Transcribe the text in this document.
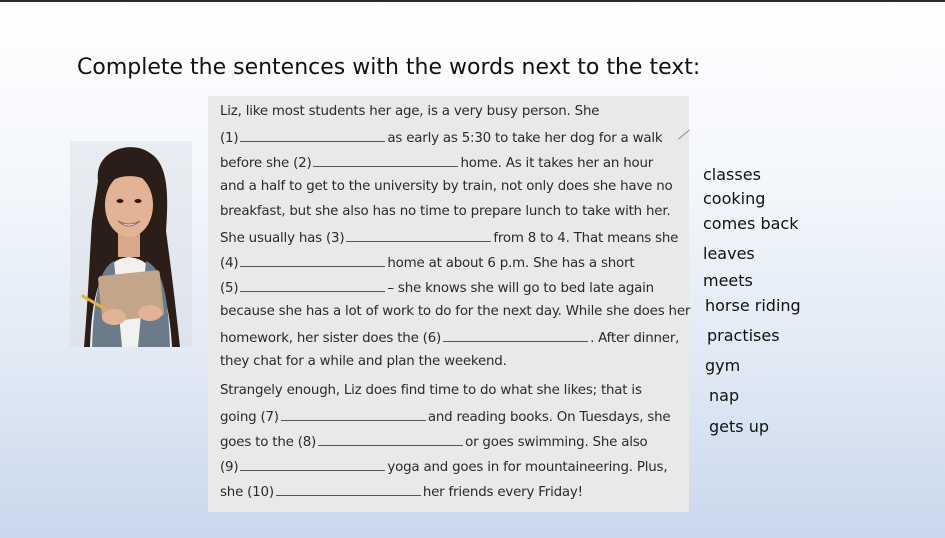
Complete the sentences with the words next to the text:
Liz, like most students her age, is a very busy person. She
(1)	as early as 5:30 to take her dog for a walk
before she (2)	home. As it takes her an hour
and a half to get to the university by train, not only does she have no
breakfast, but she also has no time to prepare lunch to take with her.
She usually has (3)	from 8 to 4. That means she
(4)	home at about 6 p.m. She has a short
(5)	– she knows she will go to bed late again
because she has a lot of work to do for the next day. While she does her
homework, her sister does the (6)	. After dinner,
they chat for a while and plan the weekend.
Strangely enough, Liz does find time to do what she likes; that is
going (7)	and reading books. On Tuesdays, she
goes to the (8)	or goes swimming. She also
(9)	yoga and goes in for mountaineering. Plus,
she (10)	her friends every Friday!
classes
cooking
comes back
leaves
meets
horse riding
practises
gym
nap
gets up
